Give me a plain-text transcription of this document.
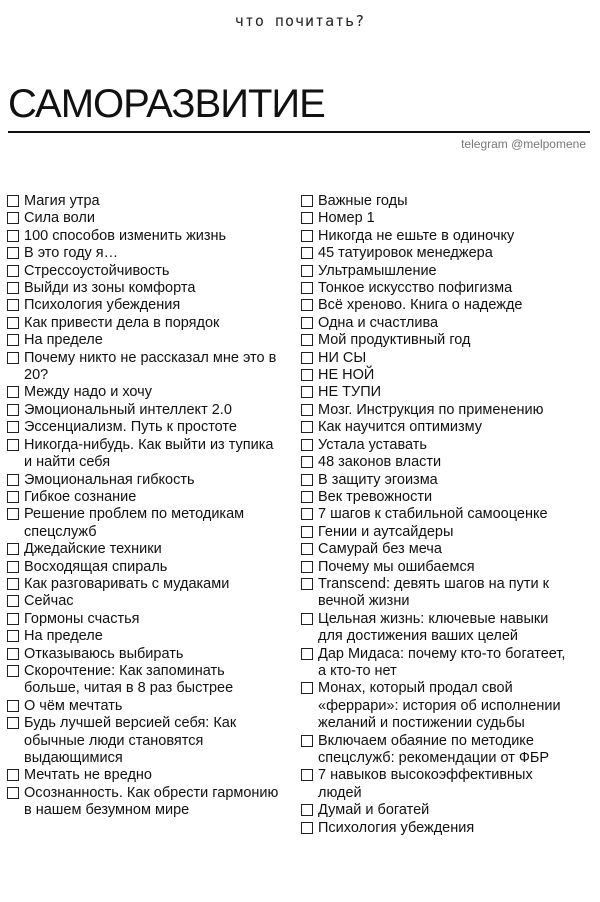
что почитать?
САМОРАЗВИТИЕ
telegram @melpomene
Магия утра
Сила воли
100 способов изменить жизнь
В это году я…
Стрессоустойчивость
Выйди из зоны комфорта
Психология убеждения
Как привести дела в порядок
На пределе
Почему никто не рассказал мне это в 20?
Между надо и хочу
Эмоциональный интеллект 2.0
Эссенциализм. Путь к простоте
Никогда-нибудь. Как выйти из тупика и найти себя
Эмоциональная гибкость
Гибкое сознание
Решение проблем по методикам спецслужб
Джедайские техники
Восходящая спираль
Как разговаривать с мудаками
Сейчас
Гормоны счастья
На пределе
Отказываюсь выбирать
Скорочтение: Как запоминать больше, читая в 8 раз быстрее
О чём мечтать
Будь лучшей версией себя: Как обычные люди становятся выдающимися
Мечтать не вредно
Осознанность. Как обрести гармонию в нашем безумном мире
Важные годы
Номер 1
Никогда не ешьте в одиночку
45 татуировок менеджера
Ультрамышление
Тонкое искусство пофигизма
Всё хреново. Книга о надежде
Одна и счастлива
Мой продуктивный год
НИ СЫ
НЕ НОЙ
НЕ ТУПИ
Мозг. Инструкция по применению
Как научится оптимизму
Устала уставать
48 законов власти
В защиту эгоизма
Век тревожности
7 шагов к стабильной самооценке
Гении и аутсайдеры
Самурай без меча
Почему мы ошибаемся
Transcend: девять шагов на пути к вечной жизни
Цельная жизнь: ключевые навыки для достижения ваших целей
Дар Мидаса: почему кто-то богатеет, а кто-то нет
Монах, который продал свой «феррари»: история об исполнении желаний и постижении судьбы
Включаем обаяние по методике спецслужб: рекомендации от ФБР
7 навыков высокоэффективных людей
Думай и богатей
Психология убеждения
